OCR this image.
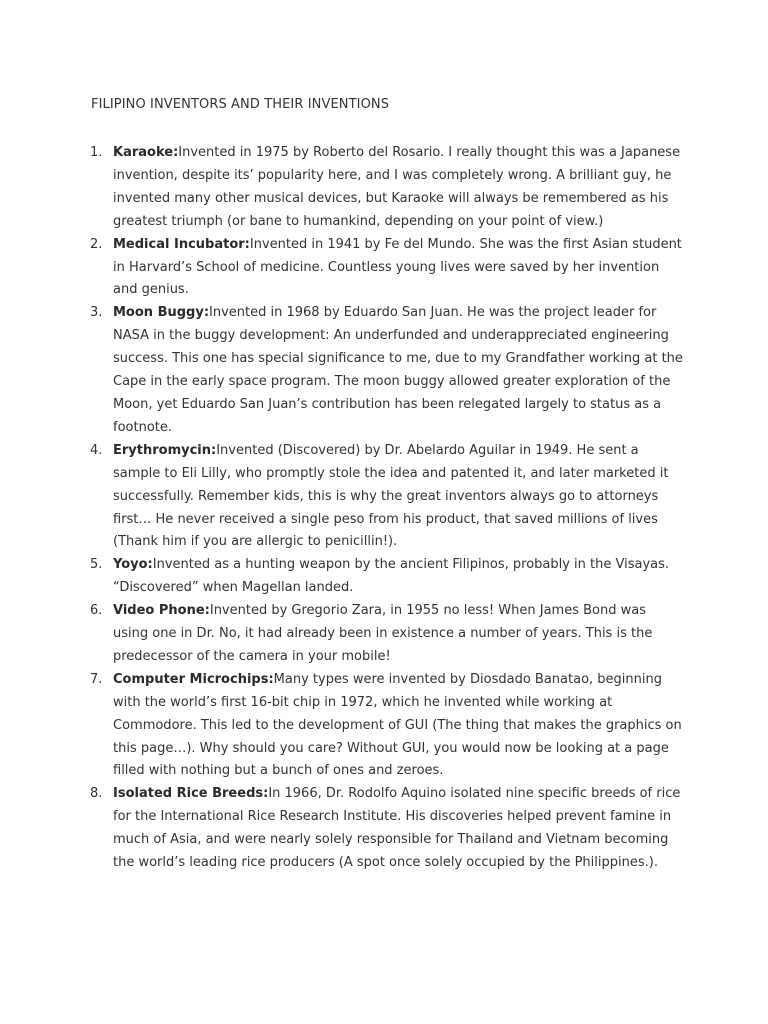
FILIPINO INVENTORS AND THEIR INVENTIONS
1. Karaoke:Invented in 1975 by Roberto del Rosario. I really thought this was a Japanese invention, despite its’ popularity here, and I was completely wrong. A brilliant guy, he invented many other musical devices, but Karaoke will always be remembered as his greatest triumph (or bane to humankind, depending on your point of view.)
2. Medical Incubator:Invented in 1941 by Fe del Mundo. She was the first Asian student in Harvard’s School of medicine. Countless young lives were saved by her invention and genius.
3. Moon Buggy:Invented in 1968 by Eduardo San Juan. He was the project leader for NASA in the buggy development: An underfunded and underappreciated engineering success. This one has special significance to me, due to my Grandfather working at the Cape in the early space program. The moon buggy allowed greater exploration of the Moon, yet Eduardo San Juan’s contribution has been relegated largely to status as a footnote.
4. Erythromycin:Invented (Discovered) by Dr. Abelardo Aguilar in 1949. He sent a sample to Eli Lilly, who promptly stole the idea and patented it, and later marketed it successfully. Remember kids, this is why the great inventors always go to attorneys first… He never received a single peso from his product, that saved millions of lives (Thank him if you are allergic to penicillin!).
5. Yoyo:Invented as a hunting weapon by the ancient Filipinos, probably in the Visayas. “Discovered” when Magellan landed.
6. Video Phone:Invented by Gregorio Zara, in 1955 no less! When James Bond was using one in Dr. No, it had already been in existence a number of years. This is the predecessor of the camera in your mobile!
7. Computer Microchips:Many types were invented by Diosdado Banatao, beginning with the world’s first 16-bit chip in 1972, which he invented while working at Commodore. This led to the development of GUI (The thing that makes the graphics on this page…). Why should you care? Without GUI, you would now be looking at a page filled with nothing but a bunch of ones and zeroes.
8. Isolated Rice Breeds:In 1966, Dr. Rodolfo Aquino isolated nine specific breeds of rice for the International Rice Research Institute. His discoveries helped prevent famine in much of Asia, and were nearly solely responsible for Thailand and Vietnam becoming the world’s leading rice producers (A spot once solely occupied by the Philippines.).
